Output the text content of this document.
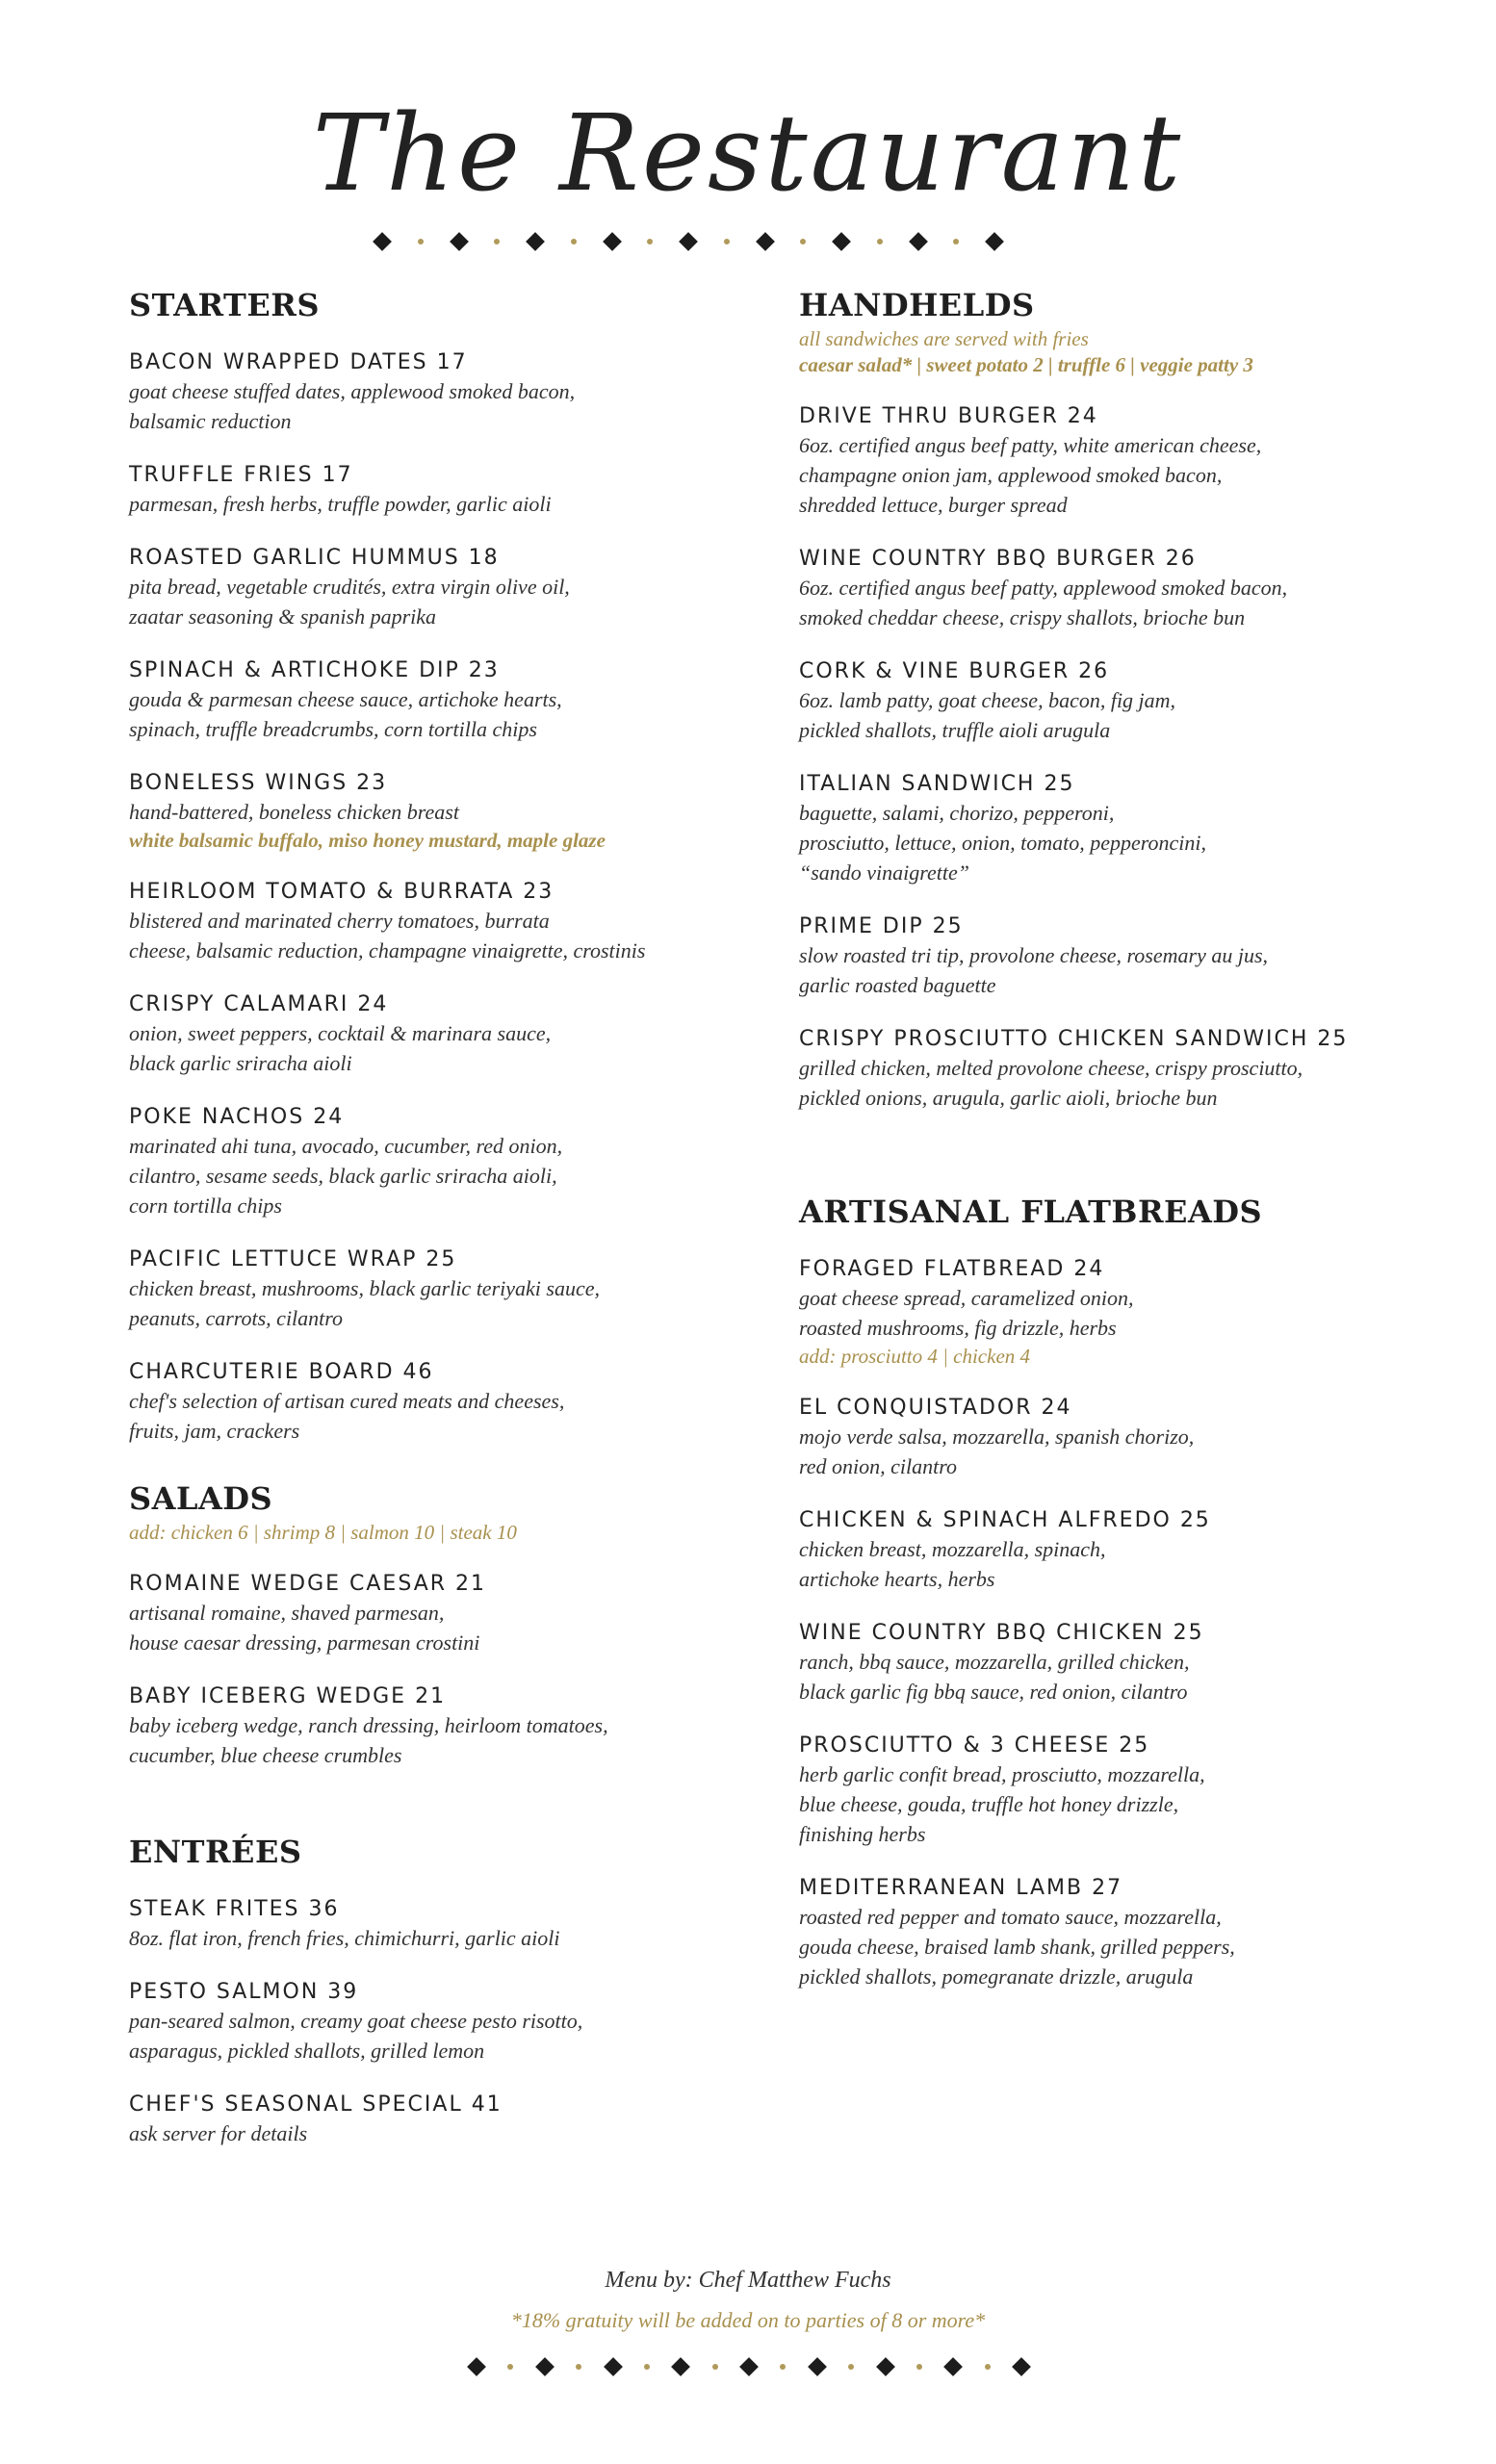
The Restaurant
STARTERS
BACON WRAPPED DATES 17
goat cheese stuffed dates, applewood smoked bacon,
balsamic reduction
TRUFFLE FRIES 17
parmesan, fresh herbs, truffle powder, garlic aioli
ROASTED GARLIC HUMMUS 18
pita bread, vegetable crudités, extra virgin olive oil,
zaatar seasoning & spanish paprika
SPINACH & ARTICHOKE DIP 23
gouda & parmesan cheese sauce, artichoke hearts,
spinach, truffle breadcrumbs, corn tortilla chips
BONELESS WINGS 23
hand-battered, boneless chicken breast
white balsamic buffalo, miso honey mustard, maple glaze
HEIRLOOM TOMATO & BURRATA 23
blistered and marinated cherry tomatoes, burrata
cheese, balsamic reduction, champagne vinaigrette, crostinis
CRISPY CALAMARI 24
onion, sweet peppers, cocktail & marinara sauce,
black garlic sriracha aioli
POKE NACHOS 24
marinated ahi tuna, avocado, cucumber, red onion,
cilantro, sesame seeds, black garlic sriracha aioli,
corn tortilla chips
PACIFIC LETTUCE WRAP 25
chicken breast, mushrooms, black garlic teriyaki sauce,
peanuts, carrots, cilantro
CHARCUTERIE BOARD 46
chef's selection of artisan cured meats and cheeses,
fruits, jam, crackers
SALADS
add: chicken 6 | shrimp 8 | salmon 10 | steak 10
ROMAINE WEDGE CAESAR 21
artisanal romaine, shaved parmesan,
house caesar dressing, parmesan crostini
BABY ICEBERG WEDGE 21
baby iceberg wedge, ranch dressing, heirloom tomatoes,
cucumber, blue cheese crumbles
ENTRÉES
STEAK FRITES 36
8oz. flat iron, french fries, chimichurri, garlic aioli
PESTO SALMON 39
pan-seared salmon, creamy goat cheese pesto risotto,
asparagus, pickled shallots, grilled lemon
CHEF'S SEASONAL SPECIAL 41
ask server for details
HANDHELDS
all sandwiches are served with fries
caesar salad* | sweet potato 2 | truffle 6 | veggie patty 3
DRIVE THRU BURGER 24
6oz. certified angus beef patty, white american cheese,
champagne onion jam, applewood smoked bacon,
shredded lettuce, burger spread
WINE COUNTRY BBQ BURGER 26
6oz. certified angus beef patty, applewood smoked bacon,
smoked cheddar cheese, crispy shallots, brioche bun
CORK & VINE BURGER 26
6oz. lamb patty, goat cheese, bacon, fig jam,
pickled shallots, truffle aioli arugula
ITALIAN SANDWICH 25
baguette, salami, chorizo, pepperoni,
prosciutto, lettuce, onion, tomato, pepperoncini,
“sando vinaigrette”
PRIME DIP 25
slow roasted tri tip, provolone cheese, rosemary au jus,
garlic roasted baguette
CRISPY PROSCIUTTO CHICKEN SANDWICH 25
grilled chicken, melted provolone cheese, crispy prosciutto,
pickled onions, arugula, garlic aioli, brioche bun
ARTISANAL FLATBREADS
FORAGED FLATBREAD 24
goat cheese spread, caramelized onion,
roasted mushrooms, fig drizzle, herbs
add: prosciutto 4 | chicken 4
EL CONQUISTADOR 24
mojo verde salsa, mozzarella, spanish chorizo,
red onion, cilantro
CHICKEN & SPINACH ALFREDO 25
chicken breast, mozzarella, spinach,
artichoke hearts, herbs
WINE COUNTRY BBQ CHICKEN 25
ranch, bbq sauce, mozzarella, grilled chicken,
black garlic fig bbq sauce, red onion, cilantro
PROSCIUTTO & 3 CHEESE 25
herb garlic confit bread, prosciutto, mozzarella,
blue cheese, gouda, truffle hot honey drizzle,
finishing herbs
MEDITERRANEAN LAMB 27
roasted red pepper and tomato sauce, mozzarella,
gouda cheese, braised lamb shank, grilled peppers,
pickled shallots, pomegranate drizzle, arugula
Menu by: Chef Matthew Fuchs
*18% gratuity will be added on to parties of 8 or more*
